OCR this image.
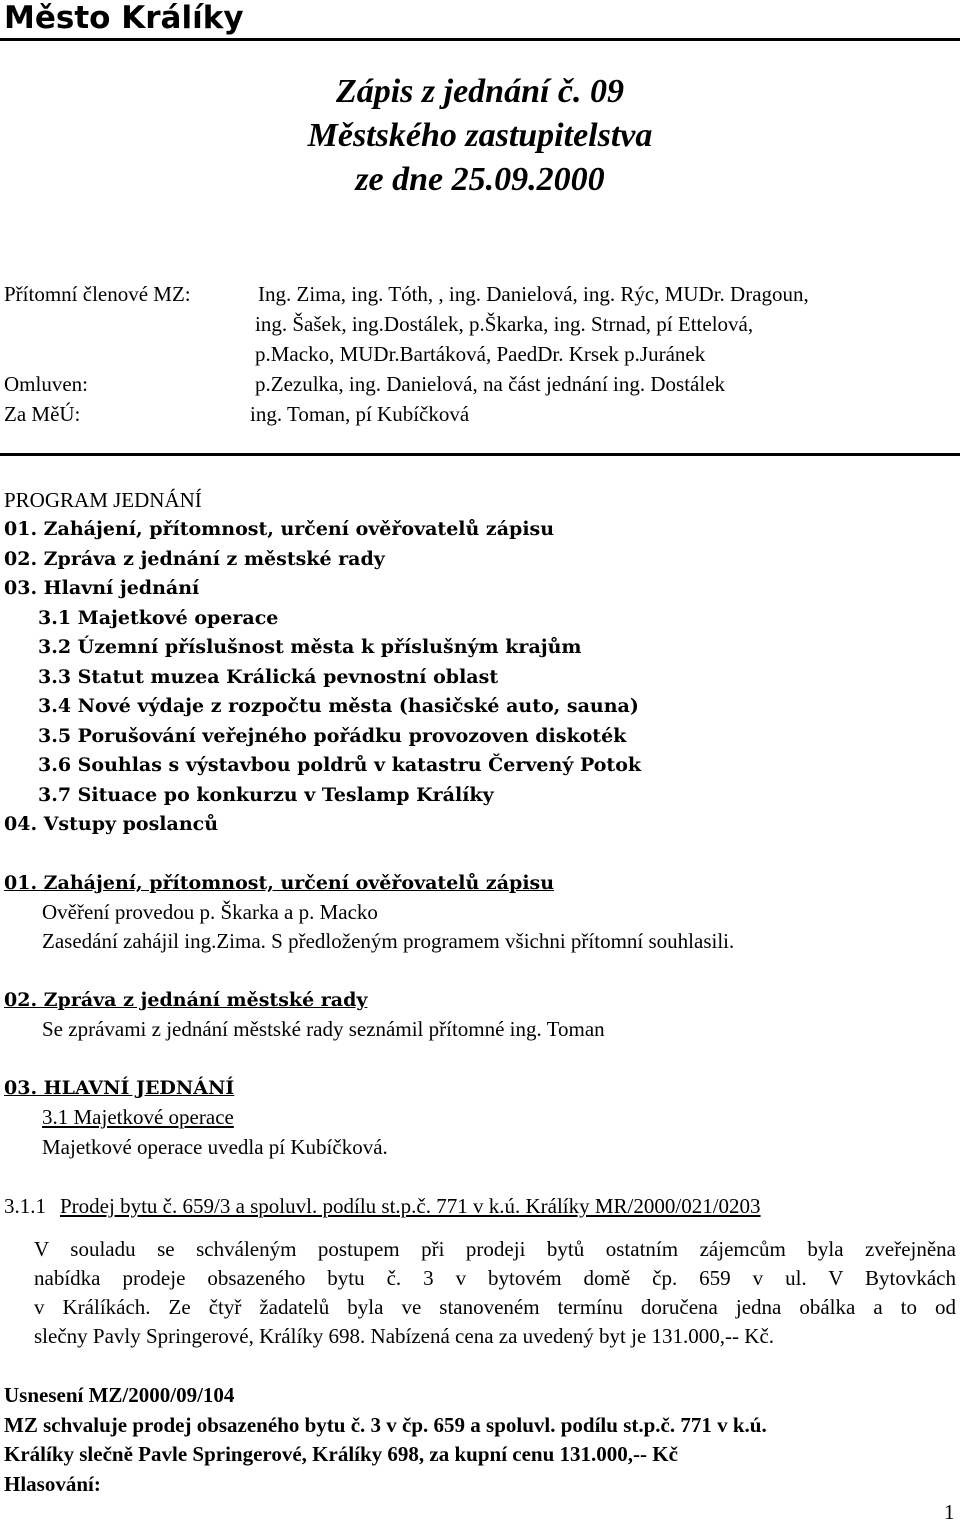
Město Králíky
Zápis z jednání č. 09
Městského zastupitelstva
ze dne 25.09.2000
Přítomní členové MZ:	Ing. Zima, ing. Tóth, , ing. Danielová, ing. Rýc, MUDr. Dragoun,
ing. Šašek, ing.Dostálek, p.Škarka, ing. Strnad, pí Ettelová,
p.Macko, MUDr.Bartáková, PaedDr. Krsek p.Juránek
Omluven:	p.Zezulka, ing. Danielová, na část jednání ing. Dostálek
Za MěÚ:	ing. Toman, pí Kubíčková
PROGRAM JEDNÁNÍ
01. Zahájení, přítomnost, určení ověřovatelů zápisu
02. Zpráva z jednání z městské rady
03. Hlavní jednání
3.1 Majetkové operace
3.2 Územní příslušnost města k příslušným krajům
3.3 Statut muzea Králická pevnostní oblast
3.4 Nové výdaje z rozpočtu města (hasičské auto, sauna)
3.5 Porušování veřejného pořádku provozoven diskoték
3.6 Souhlas s výstavbou poldrů v katastru Červený Potok
3.7 Situace po konkurzu v Teslamp Králíky
04. Vstupy poslanců
01. Zahájení, přítomnost, určení ověřovatelů zápisu
Ověření provedou p. Škarka a p. Macko
Zasedání zahájil ing.Zima. S předloženým programem všichni přítomní souhlasili.
02. Zpráva z jednání městské rady
Se zprávami z jednání městské rady seznámil přítomné ing. Toman
03. HLAVNÍ JEDNÁNÍ
3.1 Majetkové operace
Majetkové operace uvedla pí Kubíčková.
3.1.1 Prodej bytu č. 659/3 a spoluvl. podílu st.p.č. 771 v k.ú. Králíky MR/2000/021/0203
V souladu se schváleným postupem při prodeji bytů ostatním zájemcům byla zveřejněna
nabídka prodeje obsazeného bytu č. 3 v bytovém domě čp. 659 v ul. V Bytovkách
v Králíkách. Ze čtyř žadatelů byla ve stanoveném termínu doručena jedna obálka a to od
slečny Pavly Springerové, Králíky 698. Nabízená cena za uvedený byt je 131.000,-- Kč.
Usnesení MZ/2000/09/104
MZ schvaluje prodej obsazeného bytu č. 3 v čp. 659 a spoluvl. podílu st.p.č. 771 v k.ú.
Králíky slečně Pavle Springerové, Králíky 698, za kupní cenu 131.000,-- Kč
Hlasování:
1
